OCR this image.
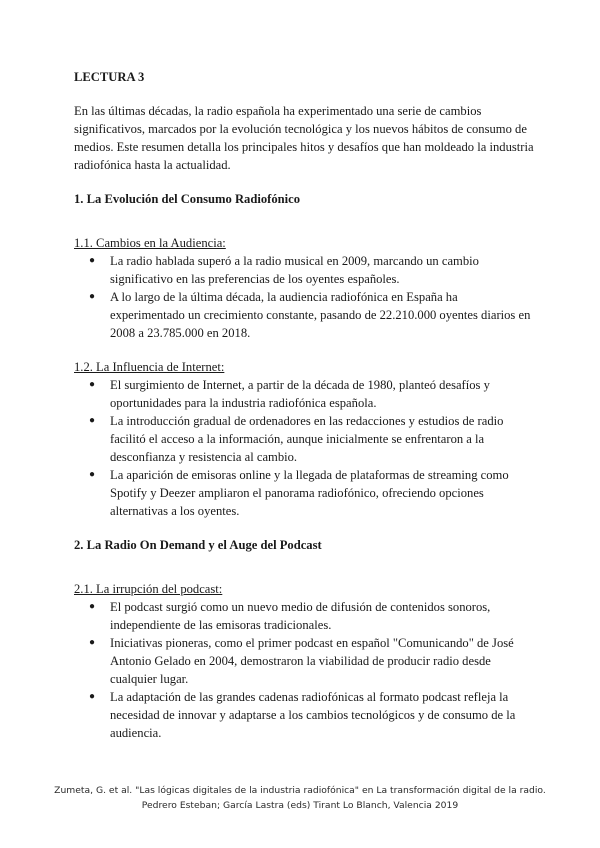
LECTURA 3

En las últimas décadas, la radio española ha experimentado una serie de cambios significativos, marcados por la evolución tecnológica y los nuevos hábitos de consumo de medios. Este resumen detalla los principales hitos y desafíos que han moldeado la industria radiofónica hasta la actualidad.

1. La Evolución del Consumo Radiofónico

1.1. Cambios en la Audiencia:

● La radio hablada superó a la radio musical en 2009, marcando un cambio significativo en las preferencias de los oyentes españoles.
● A lo largo de la última década, la audiencia radiofónica en España ha experimentado un crecimiento constante, pasando de 22.210.000 oyentes diarios en 2008 a 23.785.000 en 2018.

1.2. La Influencia de Internet:

● El surgimiento de Internet, a partir de la década de 1980, planteó desafíos y oportunidades para la industria radiofónica española.
● La introducción gradual de ordenadores en las redacciones y estudios de radio facilitó el acceso a la información, aunque inicialmente se enfrentaron a la desconfianza y resistencia al cambio.
● La aparición de emisoras online y la llegada de plataformas de streaming como Spotify y Deezer ampliaron el panorama radiofónico, ofreciendo opciones alternativas a los oyentes.

2. La Radio On Demand y el Auge del Podcast

2.1. La irrupción del podcast:

● El podcast surgió como un nuevo medio de difusión de contenidos sonoros, independiente de las emisoras tradicionales.
● Iniciativas pioneras, como el primer podcast en español "Comunicando" de José Antonio Gelado en 2004, demostraron la viabilidad de producir radio desde cualquier lugar.
● La adaptación de las grandes cadenas radiofónicas al formato podcast refleja la necesidad de innovar y adaptarse a los cambios tecnológicos y de consumo de la audiencia.
Zumeta, G. et al. "Las lógicas digitales de la industria radiofónica" en La transformación digital de la radio.
Pedrero Esteban; García Lastra (eds) Tirant Lo Blanch, Valencia 2019
